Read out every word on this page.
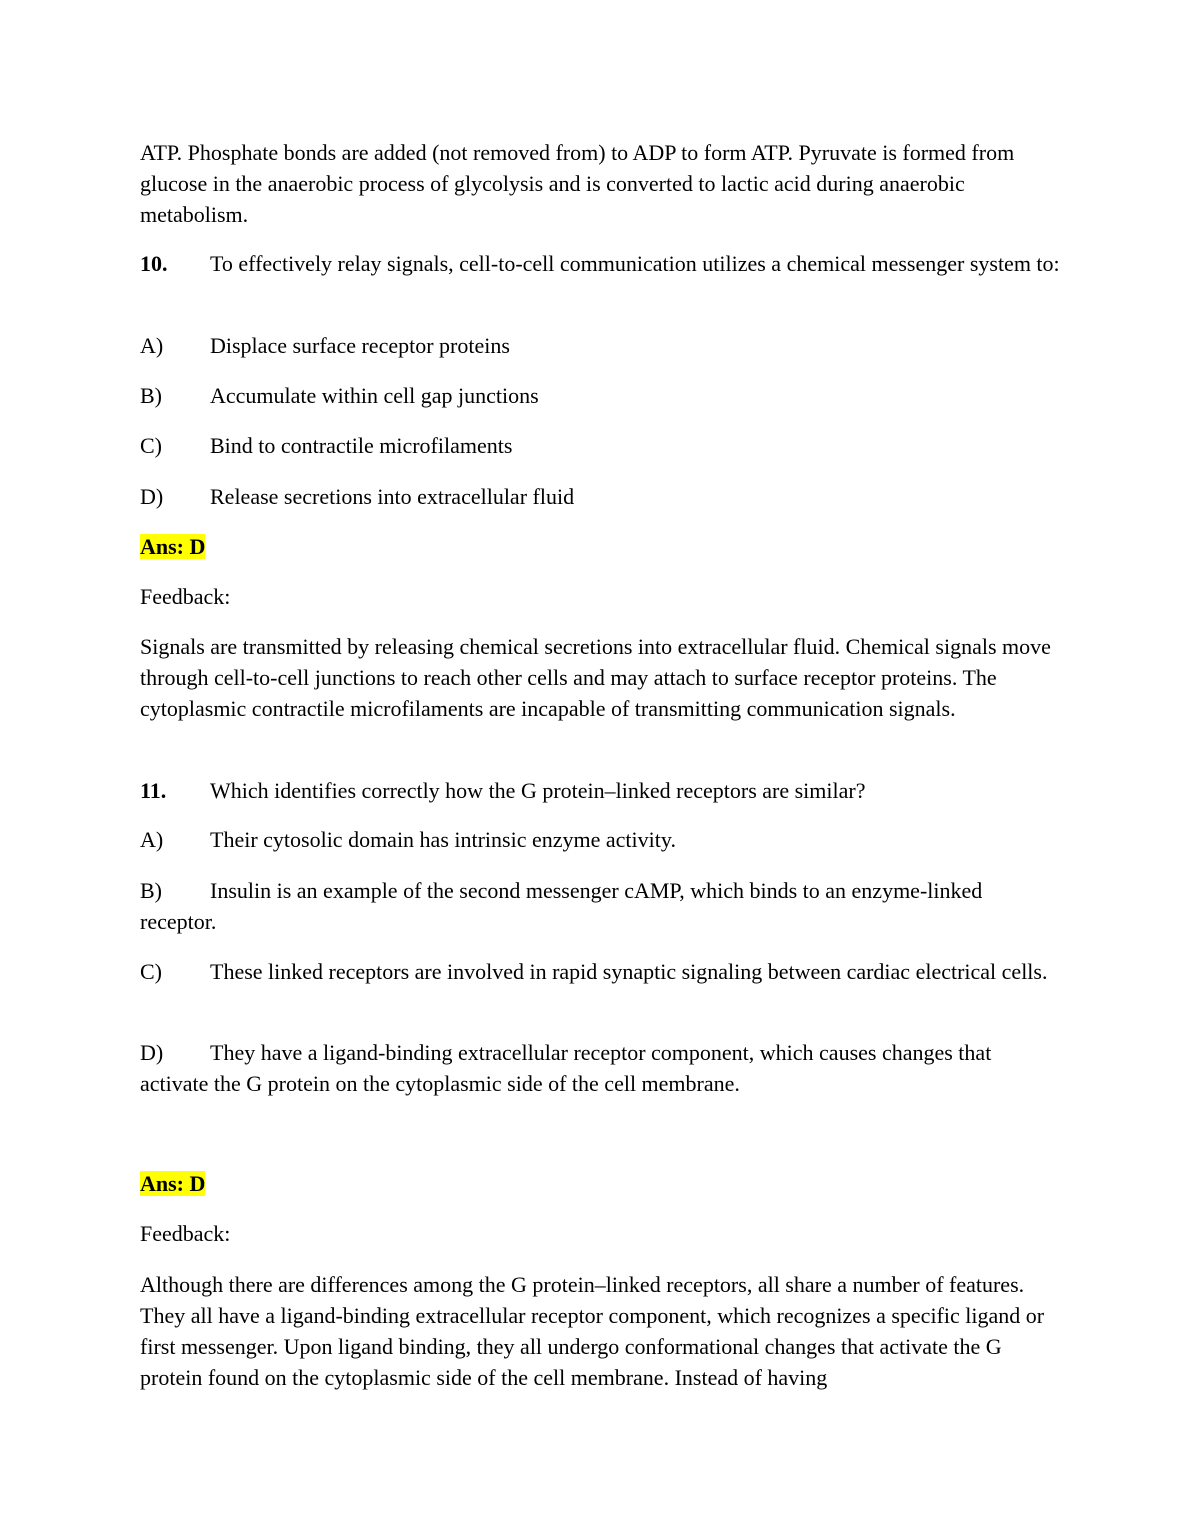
ATP. Phosphate bonds are added (not removed from) to ADP to form ATP. Pyruvate is formed from glucose in the anaerobic process of glycolysis and is converted to lactic acid during anaerobic metabolism.

10. To effectively relay signals, cell-to-cell communication utilizes a chemical messenger system to:
A) Displace surface receptor proteins
B) Accumulate within cell gap junctions
C) Bind to contractile microfilaments
D) Release secretions into extracellular fluid
Ans: D
Feedback:

Signals are transmitted by releasing chemical secretions into extracellular fluid. Chemical signals move through cell-to-cell junctions to reach other cells and may attach to surface receptor proteins. The cytoplasmic contractile microfilaments are incapable of transmitting communication signals.

11. Which identifies correctly how the G protein–linked receptors are similar?
A) Their cytosolic domain has intrinsic enzyme activity.
B) Insulin is an example of the second messenger cAMP, which binds to an enzyme-linked receptor.
C) These linked receptors are involved in rapid synaptic signaling between cardiac electrical cells.
D) They have a ligand-binding extracellular receptor component, which causes changes that activate the G protein on the cytoplasmic side of the cell membrane.
Ans: D
Feedback:

Although there are differences among the G protein–linked receptors, all share a number of features. They all have a ligand-binding extracellular receptor component, which recognizes a specific ligand or first messenger. Upon ligand binding, they all undergo conformational changes that activate the G protein found on the cytoplasmic side of the cell membrane. Instead of having
